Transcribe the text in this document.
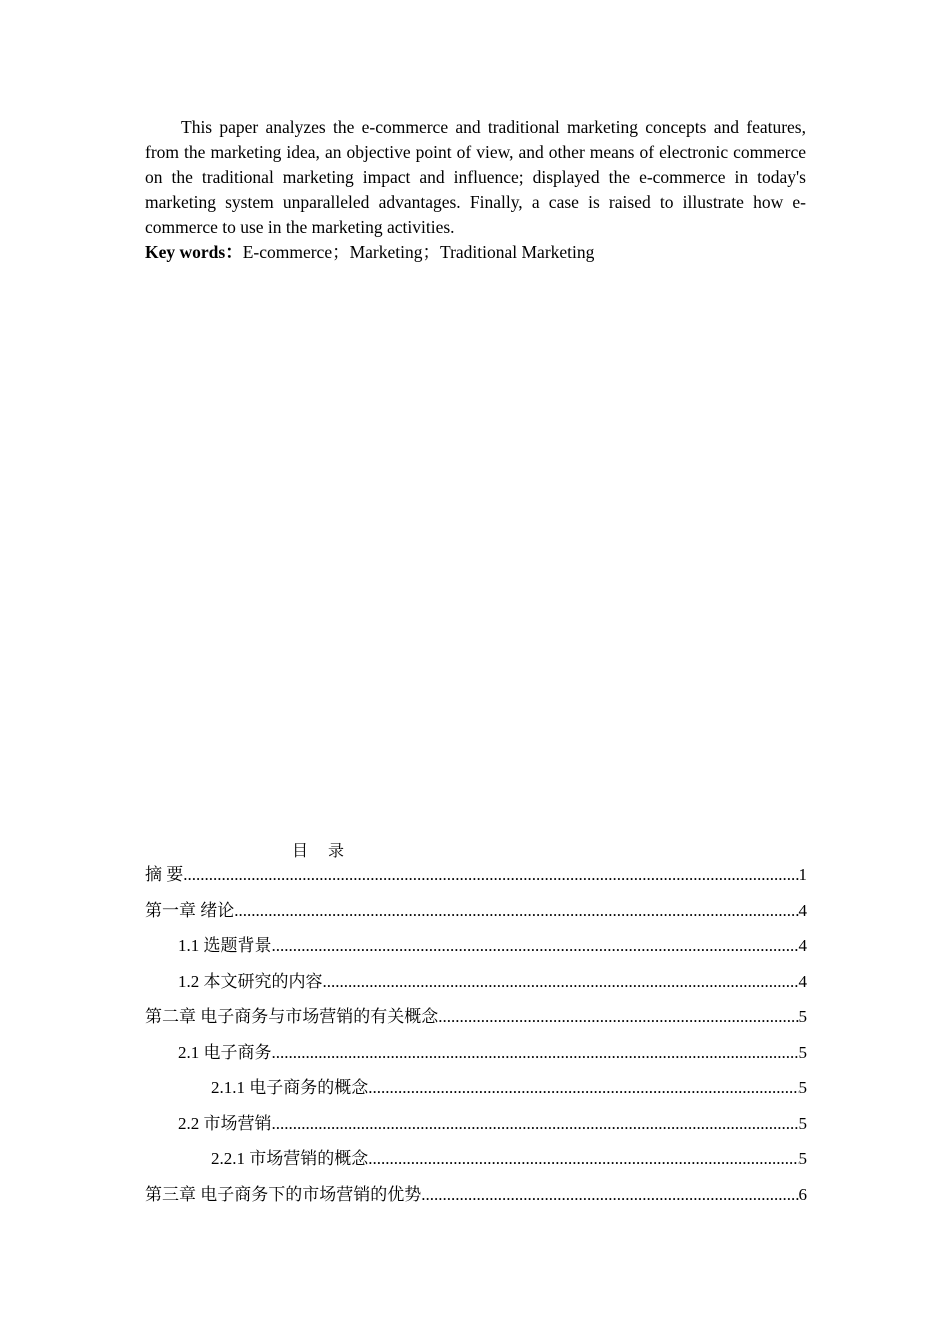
This paper analyzes the e-commerce and traditional marketing concepts and features, from the marketing idea, an objective point of view, and other means of electronic commerce on the traditional marketing impact and influence; displayed the e-commerce in today's marketing system unparalleled advantages. Finally, a case is raised to illustrate how e-commerce to use in the marketing activities.

Key words：E-commerce；Marketing；Traditional Marketing
目 录
摘 要 .....	1
第一章 绪论 .....	4
1.1 选题背景 .....	4
1.2 本文研究的内容 .....	4
第二章 电子商务与市场营销的有关概念 .....	5
2.1 电子商务 .....	5
2.1.1 电子商务的概念 .....	5
2.2 市场营销 .....	5
2.2.1 市场营销的概念 .....	5
第三章 电子商务下的市场营销的优势 .....	6
